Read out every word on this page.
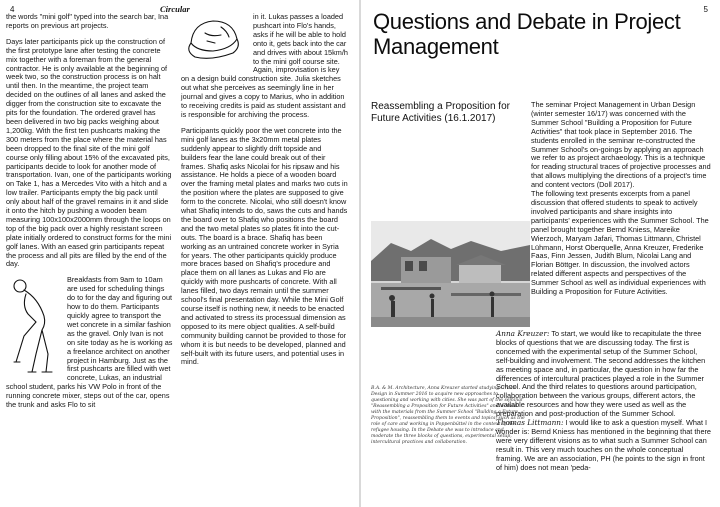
4	Circular

the words "mini golf" typed into the search bar, Ina reports on previous art projects.

Days later participants pick up the construction of the first prototype lane after testing the concrete mix together with a foreman from the general contractor. He is only available at the beginning of week two, so the construction process is on halt until then. In the meantime, the project team decided on the outlines of all lanes and asked the digger from the construction site to excavate the pits for the foundation. The ordered gravel has been delivered in two big packs weighing about 1,200kg. With the first ten pushcarts making the 300 meters from the place where the material has been dropped to the final site of the mini golf course only filling about 15% of the excavated pits, participants decide to look for another mode of transportation. Ivan, one of the participants working on Take 1, has a Mercedes Vito with a hitch and a low trailer. Participants empty the big pack until only about half of the gravel remains in it and slide it onto the hitch by pushing a wooden beam measuring 100x100x2000mm through the loops on top of the big pack over a highly resistant screen plate initially ordered to construct forms for the mini golf lanes. With an eased grin participants repeat the process and all pits are filled by the end of the day.

Breakfasts from 9am to 10am are used for scheduling things do to for the day and figuring out how to do them. Participants quickly agree to transport the wet concrete in a similar fashion as the gravel. Only Ivan is not on site today as he is working as a freelance architect on another project in Hamburg. Just as the first pushcarts are filled with wet concrete, Lukas, an industrial school student, parks his VW Polo in front of the running concrete mixer, steps out of the car, opens the trunk and asks Flo to sit

in it. Lukas passes a loaded pushcart into Flo's hands, asks if he will be able to hold onto it, gets back into the car and drives with about 15km/h to the mini golf course site. Again, improvisation is key on a design build construction site. Julia sketches out what she perceives as seemingly line in her journal and gives a copy to Marius, who in addition to receiving credits is paid as student assistant and is responsible for archiving the process.

Participants quickly poor the wet concrete into the mini golf lanes as the 3x20mm metal plates suddenly appear to slightly drift topside and builders fear the lane could break out of their frames. Shafiq asks Nicolai for his ripsaw and his assistance. He holds a piece of a wooden board over the framing metal plates and marks two cuts in the position where the plates are supposed to give form to the concrete. Nicolai, who still doesn't know what Shafiq intends to do, saws the cuts and hands the board over to Shafiq who positions the board and the two metal plates so plates fit into the cut-outs. The board is a brace. Shafiq has been working as an untrained concrete worker in Syria for years. The other participants quickly produce more braces based on Shafiq's procedure and place them on all lanes as Lukas and Flo are quickly with more pushcarts of concrete. With all lanes filled, two days remain until the summer school's final presentation day. While the Mini Golf course itself is nothing new, it needs to be enacted and activated to stress its processual dimension as opposed to its mere object qualities. A self-build community building cannot be provided to those for whom it is but needs to be developed, planned and self-built with its future users, and potential uses in mind.

5
Questions and Debate in Project Management
Reassembling a Proposition for Future Activities (16.1.2017)

The seminar Project Management in Urban Design (winter semester 16/17) was concerned with the Summer School "Building a Proposition for Future Activities" that took place in September 2016. The students enrolled in the seminar re-constructed the Summer School's on-goings by applying an approach we refer to as project archaeology. This is a technique for reading structural traces of projective processes and that allows multiplying the directions of a project's time and content vectors (Doll 2017).

The following text presents excerpts from a panel discussion that offered students to speak to actively involved participants and share insights into participants' experiences with the Summer School. The panel brought together Bernd Kniess, Mareike Wierzoch, Maryam Jafari, Thomas Littmann, Christel Lühmann, Horst Oberquelle, Anna Kreuzer, Frederike Faas, Finn Jessen, Judith Blum, Nicolai Lang and Florian Böttger. In discussion, the involved actors related different aspects and perspectives of the Summer School as well as individual experiences with Building a Proposition for Future Activities.

Anna Kreuzer: To start, we would like to recapitulate the three blocks of questions that we are discussing today. The first is concerned with the experimental setup of the Summer School, self-building and involvement. The second addresses the kitchen as meeting space and, in particular, the question in how far the differences of intercultural practices played a role in the Summer School. And the third relates to questions around participation, collaboration between the various groups, different actors, the available resources and how they were used as well as the preparation and post-production of the Summer School.

Thomas Littmann: I would like to ask a question myself. What I wonder is: Bernd Kniess has mentioned in the beginning that there were very different visions as to what such a Summer School can result in. This very much touches on the whole conceptual framing. We are an association, PH (he points to the sign in front of him) does not mean 'peda-

B.A. & M. Architecture, Anna Kreuzer started studying Urban Design in Summer 2016 to acquire new approaches to questioning and working with cities. She was part of the seminar "Reassembling a Proposition for Future Activities" and worked with the materials from the Summer School "Building a Future Proposition", reassembling them to events and topics, such as the role of care and working in Poppenbüttel in the context of the refugee housing. In the Debate she was to introduce and moderate the three blocks of questions, experimental setup, intercultural practices and collaboration.
